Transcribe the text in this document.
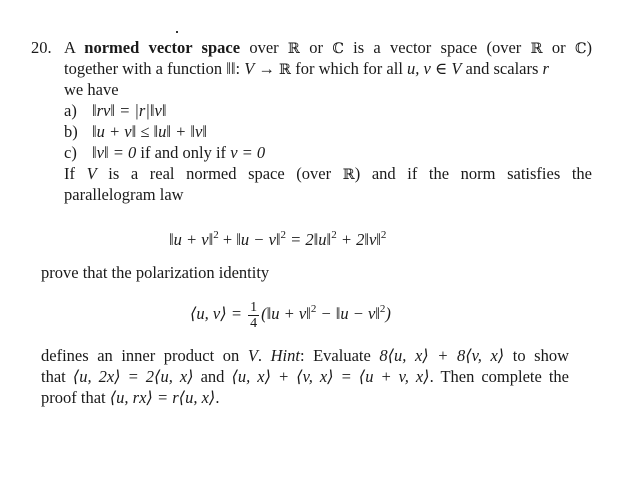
20. A normed vector space over ℝ or ℂ is a vector space (over ℝ or ℂ)
together with a function ‖‖: V → ℝ for which for all u, v ∈ V and scalars r
we have
a) ‖rv‖ = |r|‖v‖
b) ‖u + v‖ ≤ ‖u‖ + ‖v‖
c) ‖v‖ = 0 if and only if v = 0
If V is a real normed space (over ℝ) and if the norm satisfies the
parallelogram law
‖u + v‖$^2$ + ‖u − v‖$^2$ = 2‖u‖$^2$ + 2‖v‖$^2$
prove that the polarization identity
⟨u, v⟩ = $\frac{1}{4}$ (‖u + v‖$^2$ − ‖u − v‖$^2$)
defines an inner product on V. Hint: Evaluate 8⟨u, x⟩ + 8⟨v, x⟩ to show
that ⟨u, 2x⟩ = 2⟨u, x⟩ and ⟨u, x⟩ + ⟨v, x⟩ = ⟨u + v, x⟩. Then complete the
proof that ⟨u, rx⟩ = r⟨u, x⟩.
